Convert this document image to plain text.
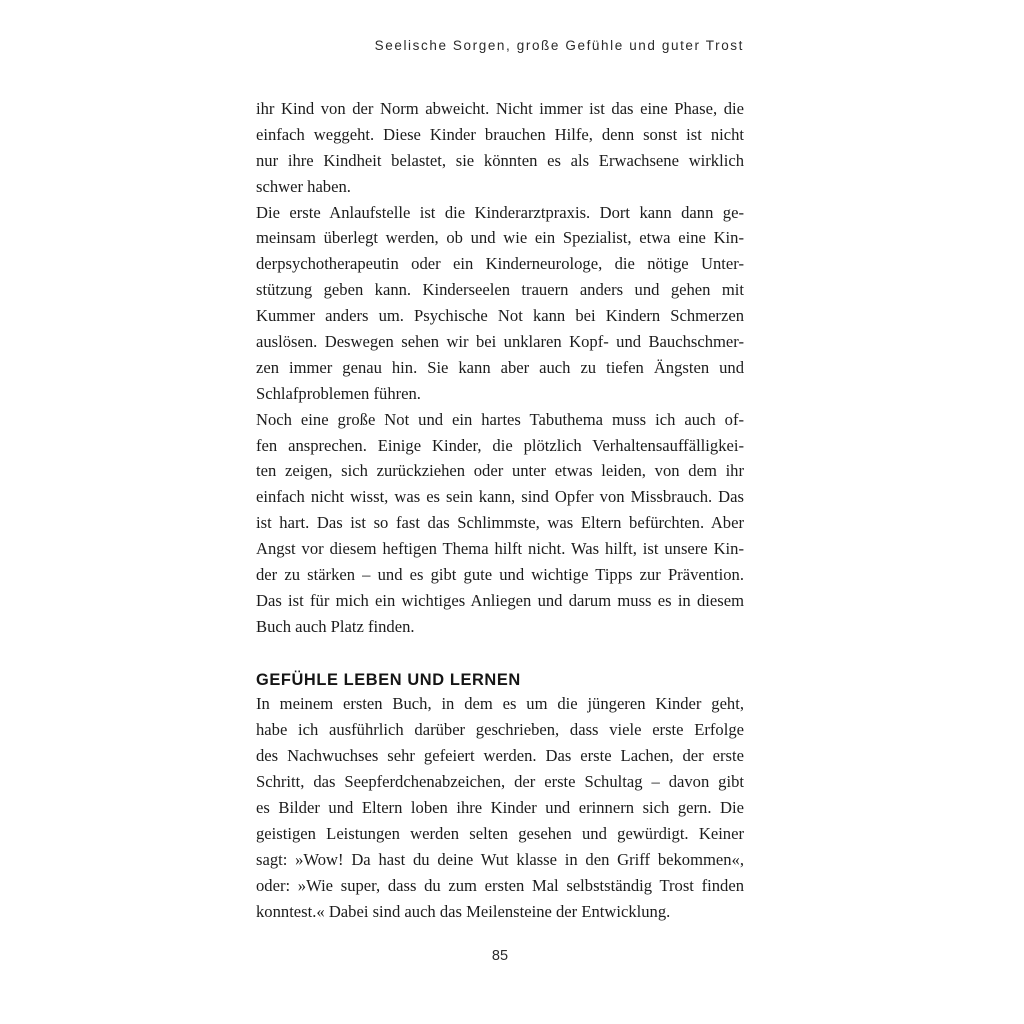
Seelische Sorgen, große Gefühle und guter Trost
ihr Kind von der Norm abweicht. Nicht immer ist das eine Phase, die
einfach weggeht. Diese Kinder brauchen Hilfe, denn sonst ist nicht
nur ihre Kindheit belastet, sie könnten es als Erwachsene wirklich
schwer haben.
Die erste Anlaufstelle ist die Kinderarztpraxis. Dort kann dann ge-
meinsam überlegt werden, ob und wie ein Spezialist, etwa eine Kin-
derpsychotherapeutin oder ein Kinderneurologe, die nötige Unter-
stützung geben kann. Kinderseelen trauern anders und gehen mit
Kummer anders um. Psychische Not kann bei Kindern Schmerzen
auslösen. Deswegen sehen wir bei unklaren Kopf- und Bauchschmer-
zen immer genau hin. Sie kann aber auch zu tiefen Ängsten und
Schlafproblemen führen.
Noch eine große Not und ein hartes Tabuthema muss ich auch of-
fen ansprechen. Einige Kinder, die plötzlich Verhaltensauffälligkei-
ten zeigen, sich zurückziehen oder unter etwas leiden, von dem ihr
einfach nicht wisst, was es sein kann, sind Opfer von Missbrauch. Das
ist hart. Das ist so fast das Schlimmste, was Eltern befürchten. Aber
Angst vor diesem heftigen Thema hilft nicht. Was hilft, ist unsere Kin-
der zu stärken – und es gibt gute und wichtige Tipps zur Prävention.
Das ist für mich ein wichtiges Anliegen und darum muss es in diesem
Buch auch Platz finden.
GEFÜHLE LEBEN UND LERNEN
In meinem ersten Buch, in dem es um die jüngeren Kinder geht,
habe ich ausführlich darüber geschrieben, dass viele erste Erfolge
des Nachwuchses sehr gefeiert werden. Das erste Lachen, der erste
Schritt, das Seepferdchenabzeichen, der erste Schultag – davon gibt
es Bilder und Eltern loben ihre Kinder und erinnern sich gern. Die
geistigen Leistungen werden selten gesehen und gewürdigt. Keiner
sagt: »Wow! Da hast du deine Wut klasse in den Griff bekommen«,
oder: »Wie super, dass du zum ersten Mal selbstständig Trost finden
konntest.« Dabei sind auch das Meilensteine der Entwicklung.
85
